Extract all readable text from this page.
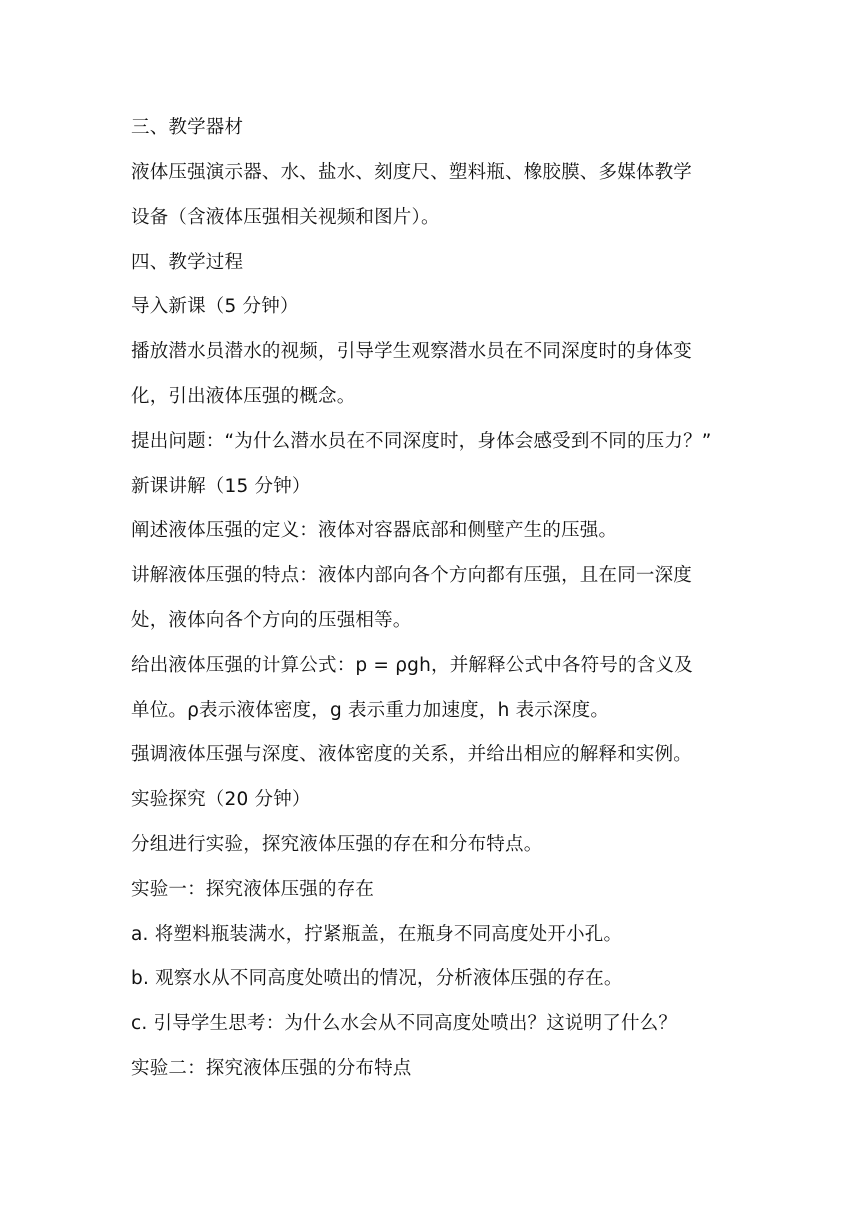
三、教学器材
液体压强演示器、水、盐水、刻度尺、塑料瓶、橡胶膜、多媒体教学
设备（含液体压强相关视频和图片）。
四、教学过程
导入新课（5 分钟）
播放潜水员潜水的视频，引导学生观察潜水员在不同深度时的身体变
化，引出液体压强的概念。
提出问题：“为什么潜水员在不同深度时，身体会感受到不同的压力？”
新课讲解（15 分钟）
阐述液体压强的定义：液体对容器底部和侧壁产生的压强。
讲解液体压强的特点：液体内部向各个方向都有压强，且在同一深度
处，液体向各个方向的压强相等。
给出液体压强的计算公式：p = ρgh，并解释公式中各符号的含义及
单位。ρ表示液体密度，g 表示重力加速度，h 表示深度。
强调液体压强与深度、液体密度的关系，并给出相应的解释和实例。
实验探究（20 分钟）
分组进行实验，探究液体压强的存在和分布特点。
实验一：探究液体压强的存在
a. 将塑料瓶装满水，拧紧瓶盖，在瓶身不同高度处开小孔。
b. 观察水从不同高度处喷出的情况，分析液体压强的存在。
c. 引导学生思考：为什么水会从不同高度处喷出？这说明了什么？
实验二：探究液体压强的分布特点
